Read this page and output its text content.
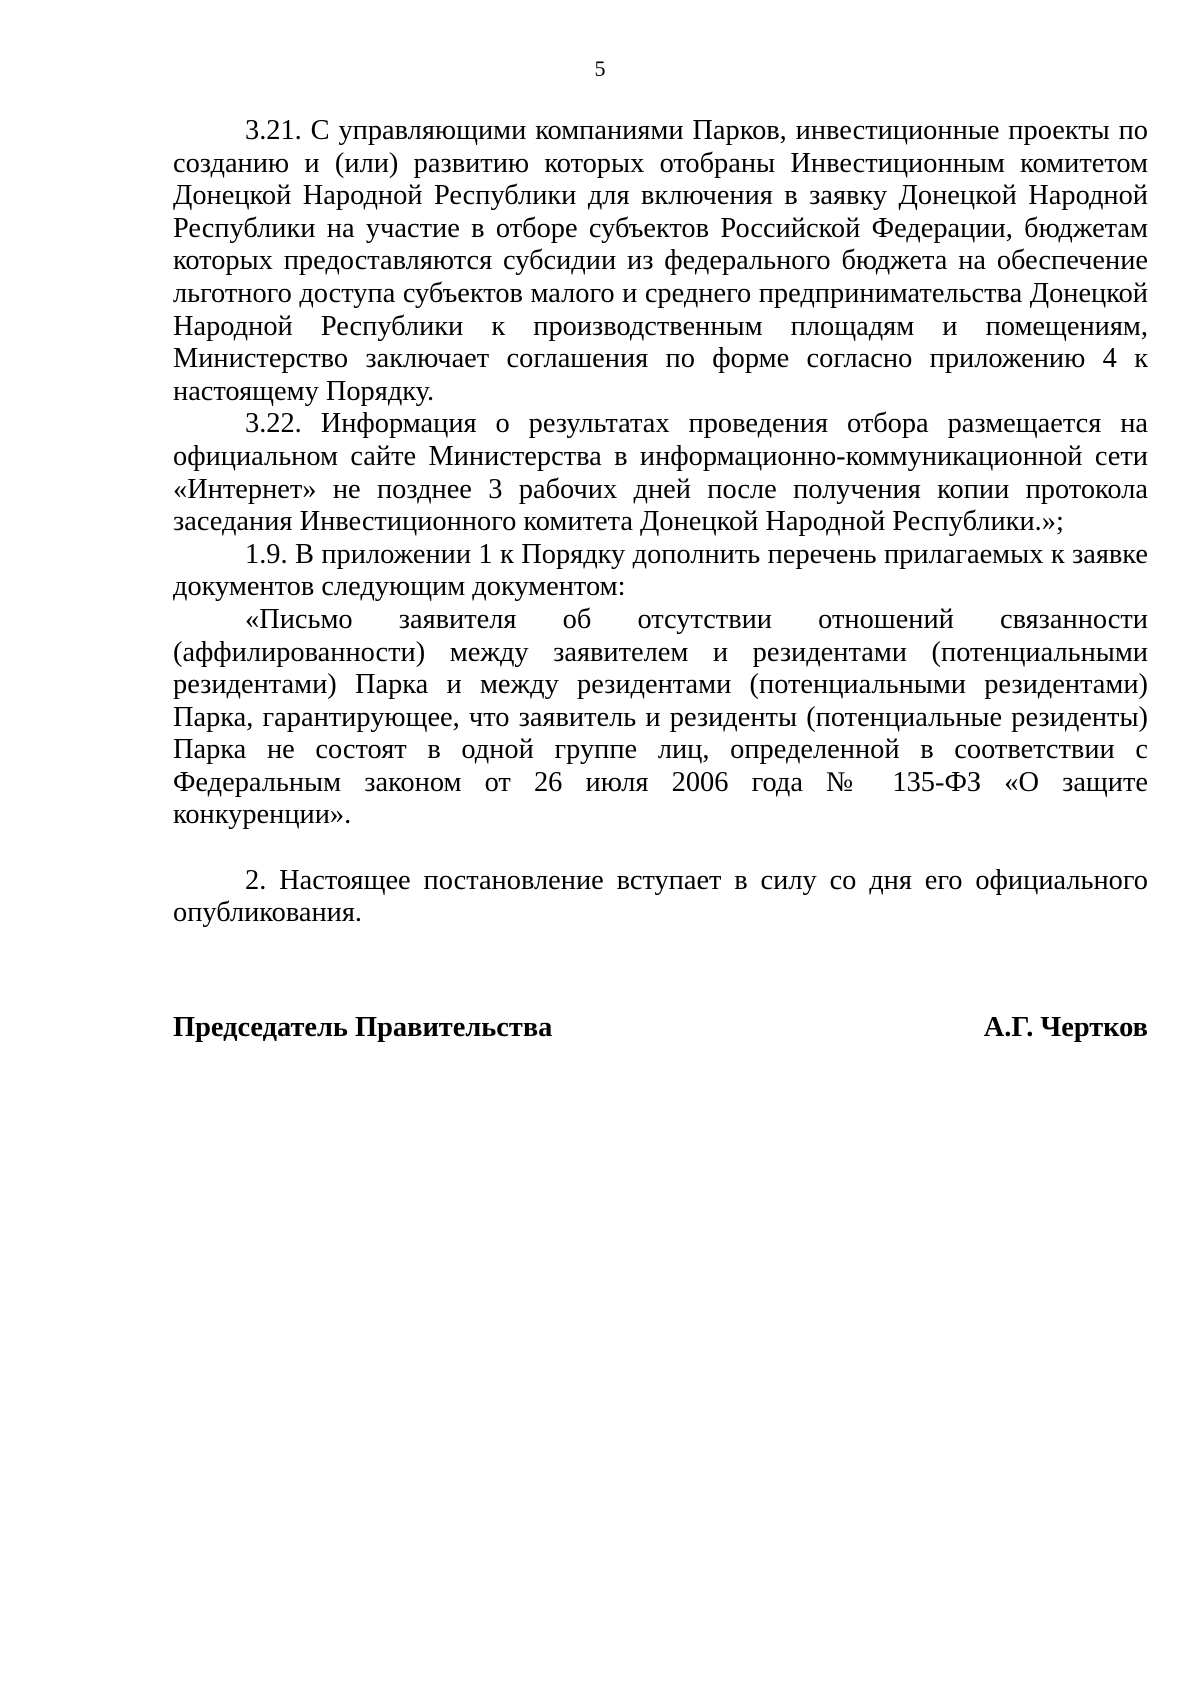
5

3.21. С управляющими компаниями Парков, инвестиционные проекты по созданию и (или) развитию которых отобраны Инвестиционным комитетом Донецкой Народной Республики для включения в заявку Донецкой Народной Республики на участие в отборе субъектов Российской Федерации, бюджетам которых предоставляются субсидии из федерального бюджета на обеспечение льготного доступа субъектов малого и среднего предпринимательства Донецкой Народной Республики к производственным площадям и помещениям, Министерство заключает соглашения по форме согласно приложению 4 к настоящему Порядку.

3.22. Информация о результатах проведения отбора размещается на официальном сайте Министерства в информационно-коммуникационной сети «Интернет» не позднее 3 рабочих дней после получения копии протокола заседания Инвестиционного комитета Донецкой Народной Республики.»;

1.9. В приложении 1 к Порядку дополнить перечень прилагаемых к заявке документов следующим документом:

«Письмо заявителя об отсутствии отношений связанности (аффилированности) между заявителем и резидентами (потенциальными резидентами) Парка и между резидентами (потенциальными резидентами) Парка, гарантирующее, что заявитель и резиденты (потенциальные резиденты) Парка не состоят в одной группе лиц, определенной в соответствии с Федеральным законом от 26 июля 2006 года № 135-ФЗ «О защите конкуренции».

2. Настоящее постановление вступает в силу со дня его официального опубликования.

Председатель Правительства	А.Г. Чертков
